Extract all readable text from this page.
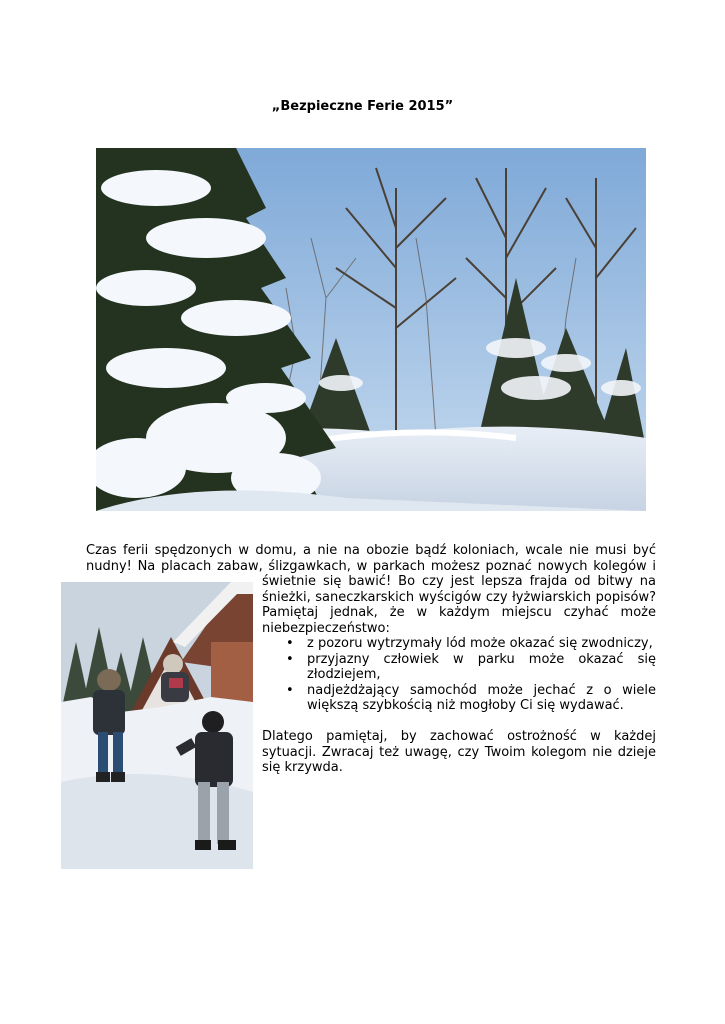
„Bezpieczne Ferie 2015”
Czas ferii spędzonych w domu, a nie na obozie bądź koloniach, wcale nie musi być
nudny! Na placach zabaw, ślizgawkach, w parkach możesz poznać nowych kolegów i
świetnie się bawić! Bo czy jest lepsza frajda od bitwy na
śnieżki, saneczkarskich wyścigów czy łyżwiarskich popisów?
Pamiętaj jednak, że w każdym miejscu czyhać może
niebezpieczeństwo:
• z pozoru wytrzymały lód może okazać się zwodniczy,
• przyjazny człowiek w parku może okazać się
złodziejem,
• nadjeżdżający samochód może jechać z o wiele
większą szybkością niż mogłoby Ci się wydawać.
Dlatego pamiętaj, by zachować ostrożność w każdej
sytuacji. Zwracaj też uwagę, czy Twoim kolegom nie dzieje
się krzywda.
